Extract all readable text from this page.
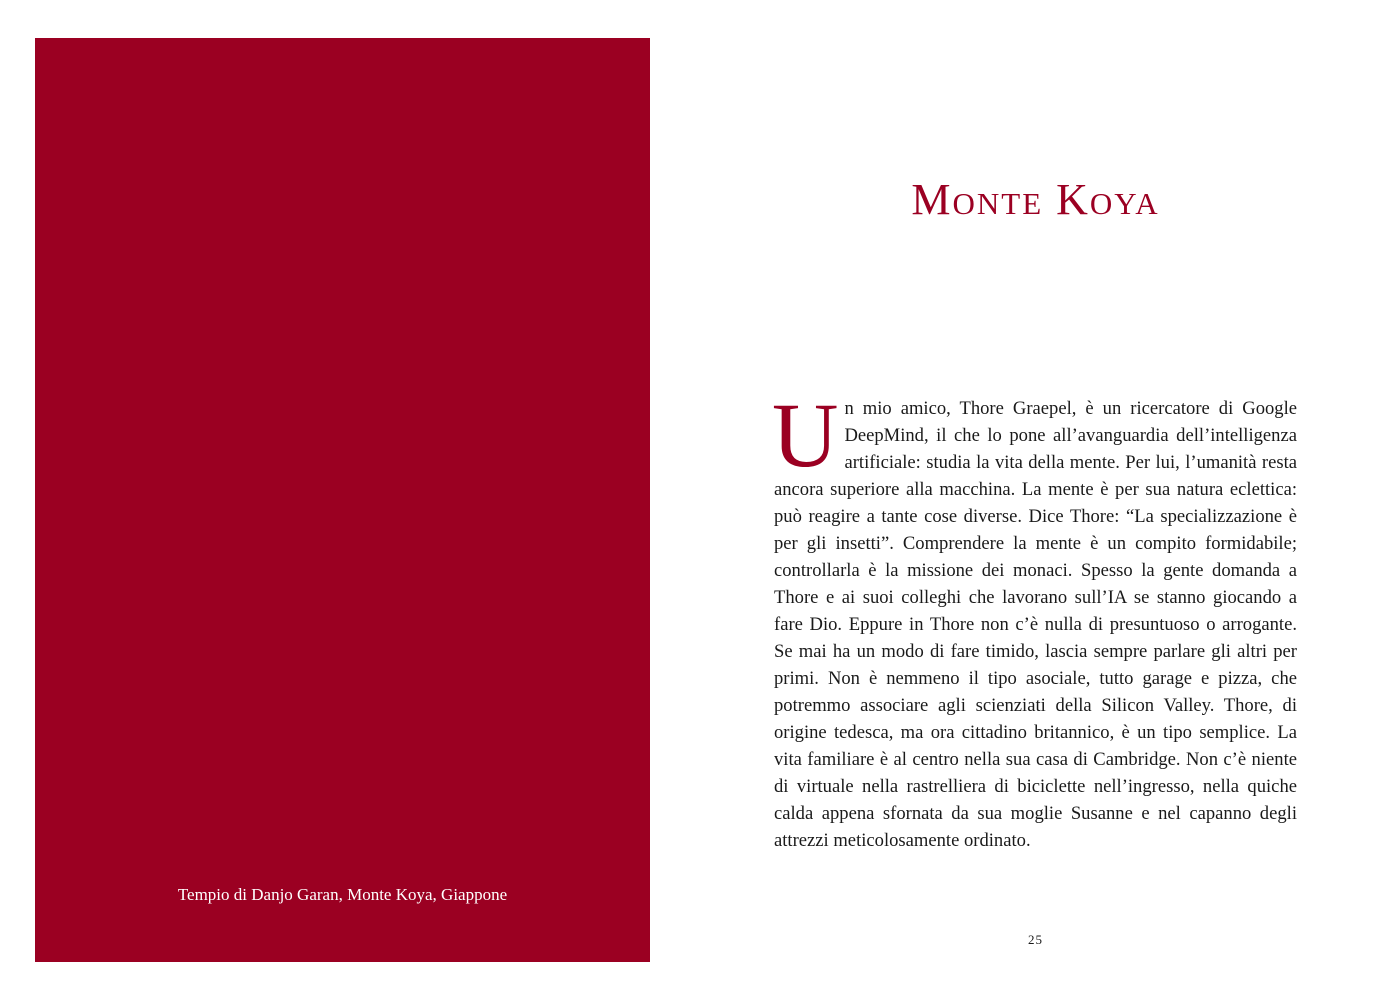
Tempio di Danjo Garan, Monte Koya, Giappone
Monte Koya

Un mio amico, Thore Graepel, è un ricercatore di Google DeepMind, il che lo pone all’avanguardia dell’intelligenza artificiale: studia la vita della mente. Per lui, l’umanità resta ancora superiore alla macchina. La mente è per sua natura eclettica: può reagire a tante cose diverse. Dice Thore: “La specializzazione è per gli insetti”. Comprendere la mente è un compito formidabile; controllarla è la missione dei monaci. Spesso la gente domanda a Thore e ai suoi colleghi che lavorano sull’IA se stanno giocando a fare Dio. Eppure in Thore non c’è nulla di presuntuoso o arrogante. Se mai ha un modo di fare timido, lascia sempre parlare gli altri per primi. Non è nemmeno il tipo asociale, tutto garage e pizza, che potremmo associare agli scienziati della Silicon Valley. Thore, di origine tedesca, ma ora cittadino britannico, è un tipo semplice. La vita familiare è al centro nella sua casa di Cambridge. Non c’è niente di virtuale nella rastrelliera di biciclette nell’ingresso, nella quiche calda appena sfornata da sua moglie Susanne e nel capanno degli attrezzi meticolosamente ordinato.

25
